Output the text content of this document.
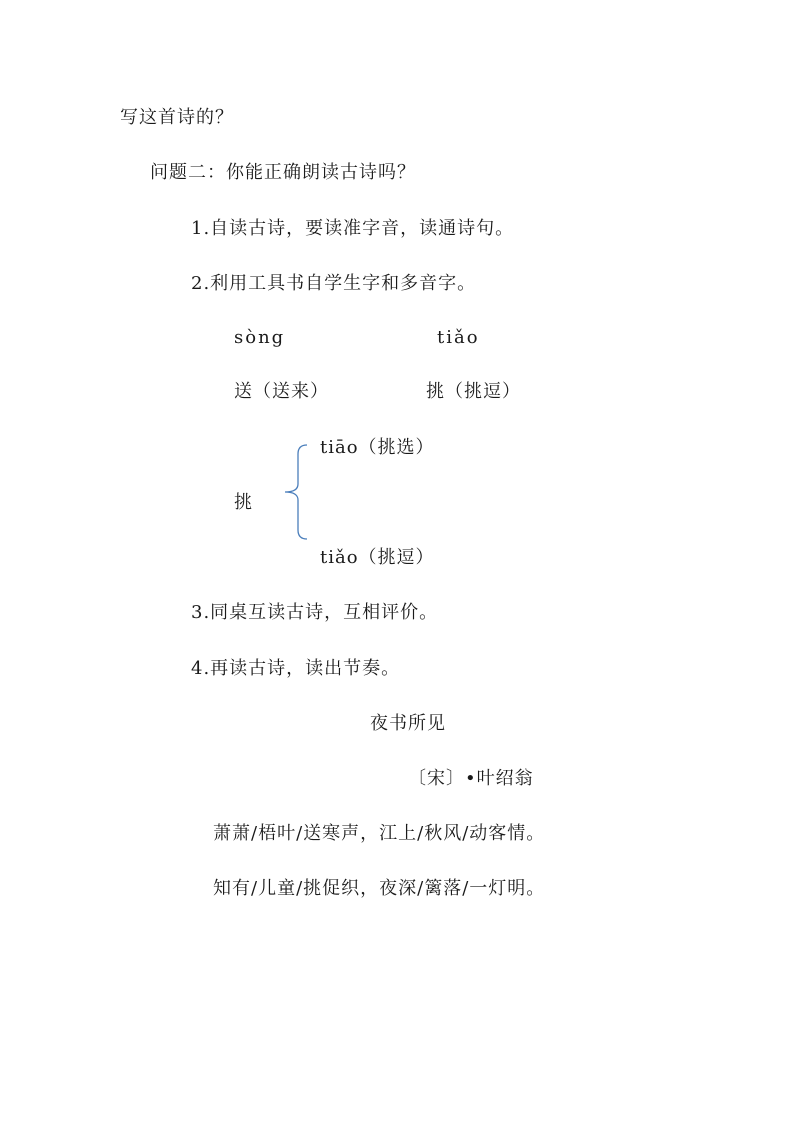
写这首诗的？
问题二：你能正确朗读古诗吗？
1.自读古诗，要读准字音，读通诗句。
2.利用工具书自学生字和多音字。
sòng	tiǎo
送（送来）	挑（挑逗）
tiāo（挑选）
挑
tiǎo（挑逗）
3.同桌互读古诗，互相评价。
4.再读古诗，读出节奏。
夜书所见
〔宋〕•叶绍翁
萧萧/梧叶/送寒声，江上/秋风/动客情。
知有/儿童/挑促织，夜深/篱落/一灯明。
